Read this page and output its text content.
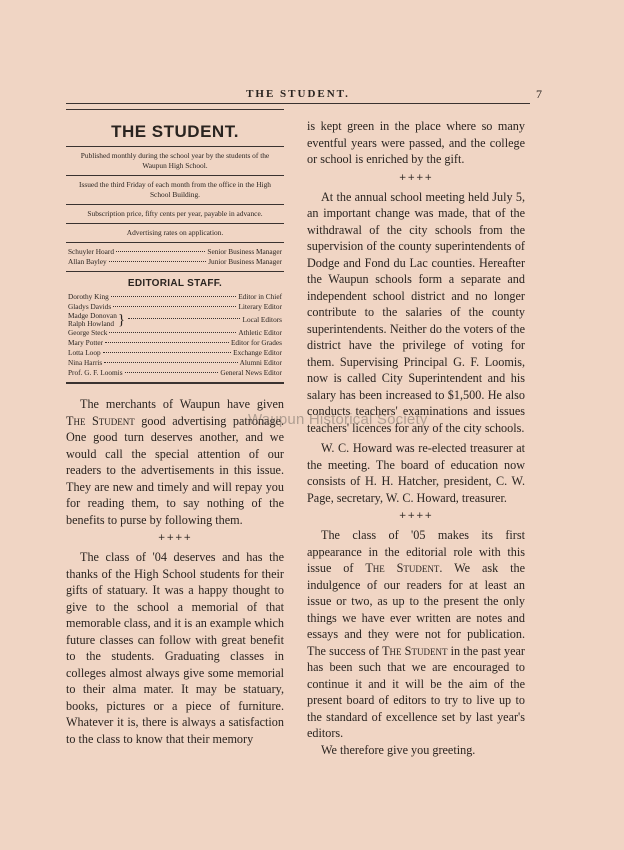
THE STUDENT.	7
THE STUDENT.
Published monthly during the school year by the students of the Waupun High School.
Issued the third Friday of each month from the office in the High School Building.
Subscription price, fifty cents per year, payable in advance.
Advertising rates on application.
Schuyler Hoard	Senior Business Manager
Allan Bayley	Junior Business Manager
EDITORIAL STAFF.
Dorothy King	Editor in Chief
Gladys Davids	Literary Editor
Madge Donovan
Ralph Howland }	Local Editors
George Steck	Athletic Editor
Mary Potter	Editor for Grades
Lotta Loop	Exchange Editor
Nina Harris	Alumni Editor
Prof. G. F. Loomis	General News Editor

The merchants of Waupun have given The Student good advertising patronage. One good turn deserves another, and we would call the special attention of our readers to the advertisements in this issue. They are new and timely and will repay you for reading them, to say nothing of the benefits to purse by following them.

++++

The class of '04 deserves and has the thanks of the High School students for their gifts of statuary. It was a happy thought to give to the school a memorial of that memorable class, and it is an example which future classes can follow with great benefit to the students. Graduating classes in colleges almost always give some memorial to their alma mater. It may be statuary, books, pictures or a piece of furniture. Whatever it is, there is always a satisfaction to the class to know that their memory

is kept green in the place where so many eventful years were passed, and the college or school is enriched by the gift.

++++

At the annual school meeting held July 5, an important change was made, that of the withdrawal of the city schools from the supervision of the county superintendents of Dodge and Fond du Lac counties. Hereafter the Waupun schools form a separate and independent school district and no longer contribute to the salaries of the county superintendents. Neither do the voters of the district have the privilege of voting for them. Supervising Principal G. F. Loomis, now is called City Superintendent and his salary has been increased to $1,500. He also conducts teachers' examinations and issues teachers' licences for any of the city schools.

W. C. Howard was re-elected treasurer at the meeting. The board of education now consists of H. H. Hatcher, president, C. W. Page, secretary, W. C. Howard, treasurer.

++++

The class of '05 makes its first appearance in the editorial role with this issue of The Student. We ask the indulgence of our readers for at least an issue or two, as up to the present the only things we have ever written are notes and essays and they were not for publication. The success of The Student in the past year has been such that we are encouraged to continue it and it will be the aim of the present board of editors to try to live up to the standard of excellence set by last year's editors.

We therefore give you greeting.

Waupun Historical Society
